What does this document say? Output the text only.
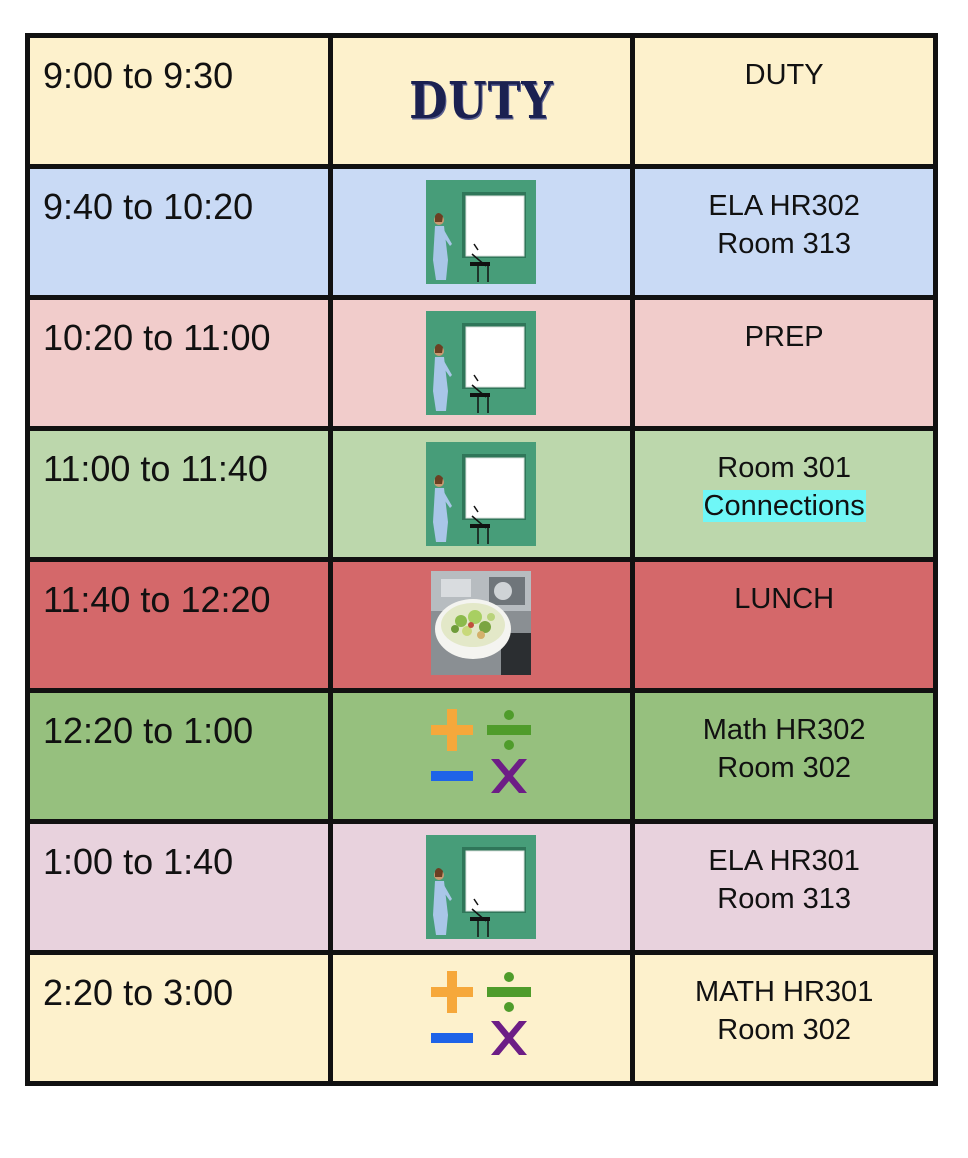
9:00 to 9:30	DUTY	DUTY

9:40 to 10:20		ELA HR302
Room 313

10:20 to 11:00		PREP

11:00 to 11:40		Room 301
Connections

11:40 to 12:20		LUNCH

12:20 to 1:00		Math HR302
Room 302

1:00 to 1:40		ELA HR301
Room 313

2:20 to 3:00		MATH HR301
Room 302
